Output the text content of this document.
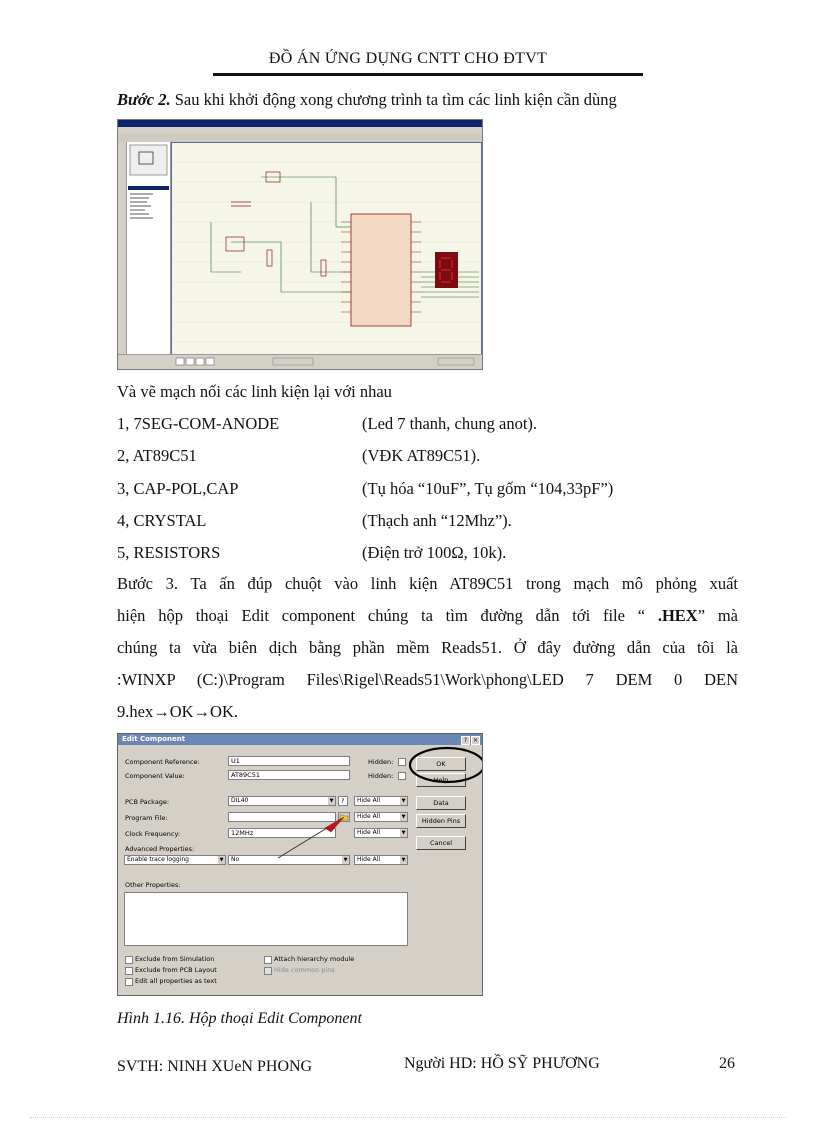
ĐỒ ÁN ỨNG DỤNG CNTT CHO ĐTVT
Bước 2. Sau khi khởi động xong chương trình ta tìm các linh kiện cần dùng
Và vẽ mạch nối các linh kiện lại với nhau
1, 7SEG-COM-ANODE	(Led 7 thanh, chung anot).
2, AT89C51	(VĐK AT89C51).
3, CAP-POL,CAP	(Tụ hóa “10uF”, Tụ gốm “104,33pF”)
4, CRYSTAL	(Thạch anh “12Mhz”).
5, RESISTORS	(Điện trở 100Ω, 10k).
Bước 3. Ta ấn đúp chuột vào linh kiện AT89C51 trong mạch mô phỏng xuất
hiện hộp thoại Edit component chúng ta tìm đường dẫn tới file “ .HEX” mà
chúng ta vừa biên dịch bằng phần mềm Reads51. Ở đây đường dẫn của tôi là
:WINXP (C:)\Program Files\Rigel\Reads51\Work\phong\LED 7 DEM 0 DEN
9.hex→OK→OK.
Edit Component	? ×
Component Reference:	U1	Hidden:
Component Value:	AT89C51	Hidden:
PCB Package:	DIL40 ▼	?	Hide All ▼
Program File:	Hide All ▼
Clock Frequency:	12MHz	Hide All ▼
Advanced Properties:
Enable trace logging ▼	No ▼	Hide All ▼
Other Properties:
Exclude from Simulation
Exclude from PCB Layout
Edit all properties as text
Attach hierarchy module
Hide common pins
OK
Help
Data
Hidden Pins
Cancel
Hình 1.16. Hộp thoại Edit Component
SVTH: NINH XUeN PHONG	Người HD: HỒ SỸ PHƯƠNG	26
